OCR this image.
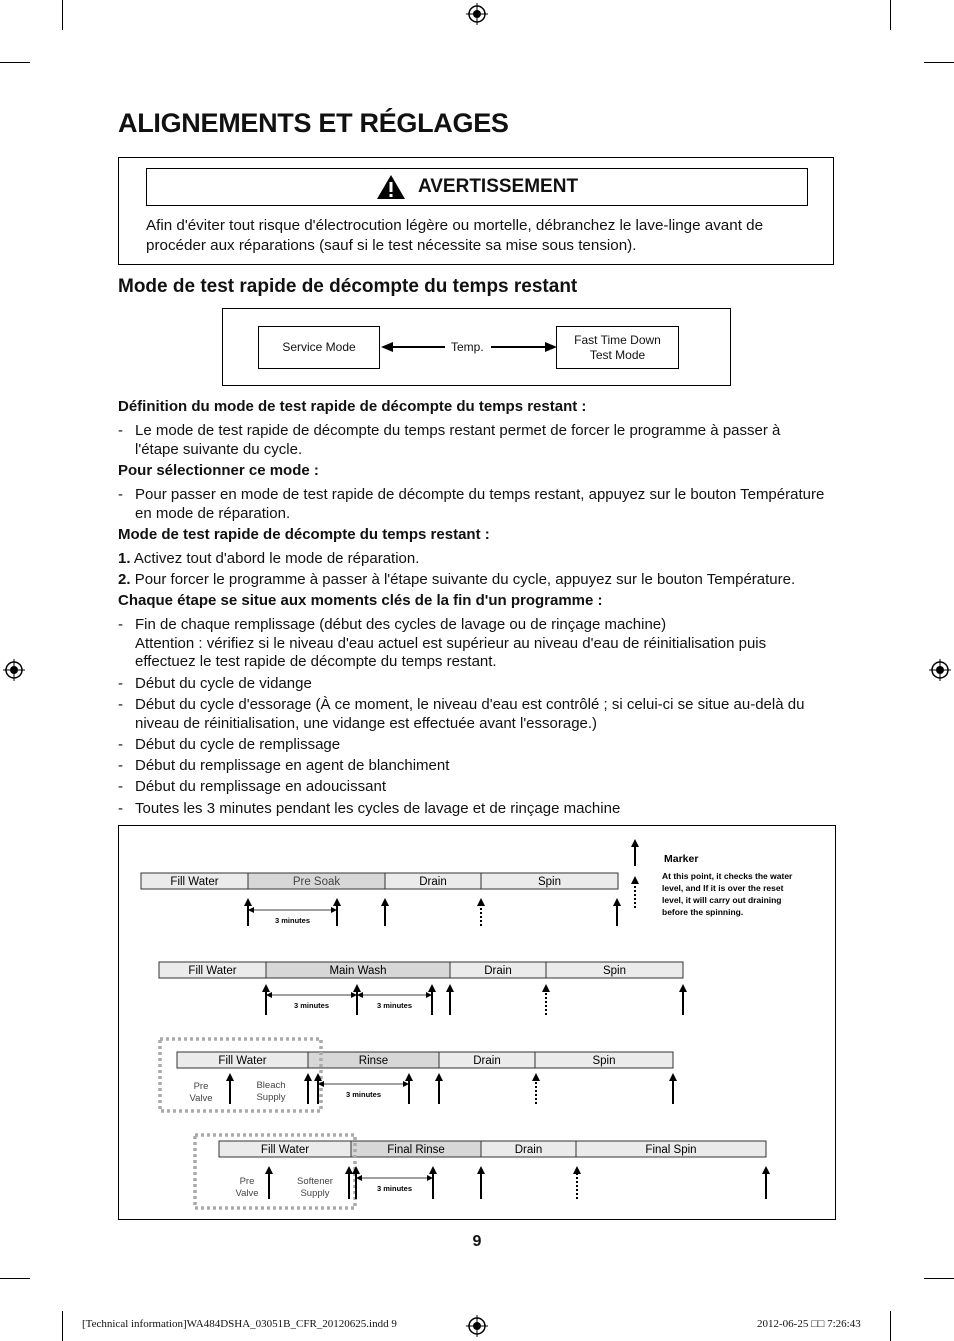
ALIGNEMENTS ET RÉGLAGES
AVERTISSEMENT
Afin d'éviter tout risque d'électrocution légère ou mortelle, débranchez le lave-linge avant de procéder aux réparations (sauf si le test nécessite sa mise sous tension).
Mode de test rapide de décompte du temps restant
Service Mode	Temp.
Fast Time Down
Test Mode
Définition du mode de test rapide de décompte du temps restant :
- Le mode de test rapide de décompte du temps restant permet de forcer le programme à passer à l'étape suivante du cycle.
Pour sélectionner ce mode :
- Pour passer en mode de test rapide de décompte du temps restant, appuyez sur le bouton Température en mode de réparation.
Mode de test rapide de décompte du temps restant :
1. Activez tout d'abord le mode de réparation.
2. Pour forcer le programme à passer à l'étape suivante du cycle, appuyez sur le bouton Température.
Chaque étape se situe aux moments clés de la fin d'un programme :
- Fin de chaque remplissage (début des cycles de lavage ou de rinçage machine)
Attention : vérifiez si le niveau d'eau actuel est supérieur au niveau d'eau de réinitialisation puis effectuez le test rapide de décompte du temps restant.
- Début du cycle de vidange
- Début du cycle d'essorage (À ce moment, le niveau d'eau est contrôlé ; si celui-ci se situe au-delà du niveau de réinitialisation, une vidange est effectuée avant l'essorage.)
- Début du cycle de remplissage
- Début du remplissage en agent de blanchiment
- Début du remplissage en adoucissant
- Toutes les 3 minutes pendant les cycles de lavage et de rinçage machine
Fill Water	Pre Soak	Drain	Spin
Fill Water	Main Wash	Drain	Spin
Fill Water	Rinse	Drain	Spin
Fill Water	Final Rinse	Drain	Final Spin
3 minutes
3 minutes	3 minutes
Pre
Valve
Bleach
Supply	3 minutes
Pre
Valve
Softener
Supply	3 minutes
Marker
At this point, it checks the water
level, and If it is over the reset
level, it will carry out draining
before the spinning.
9
[Technical information]WA484DSHA_03051B_CFR_20120625.indd 9	2012-06-25 □□ 7:26:43
